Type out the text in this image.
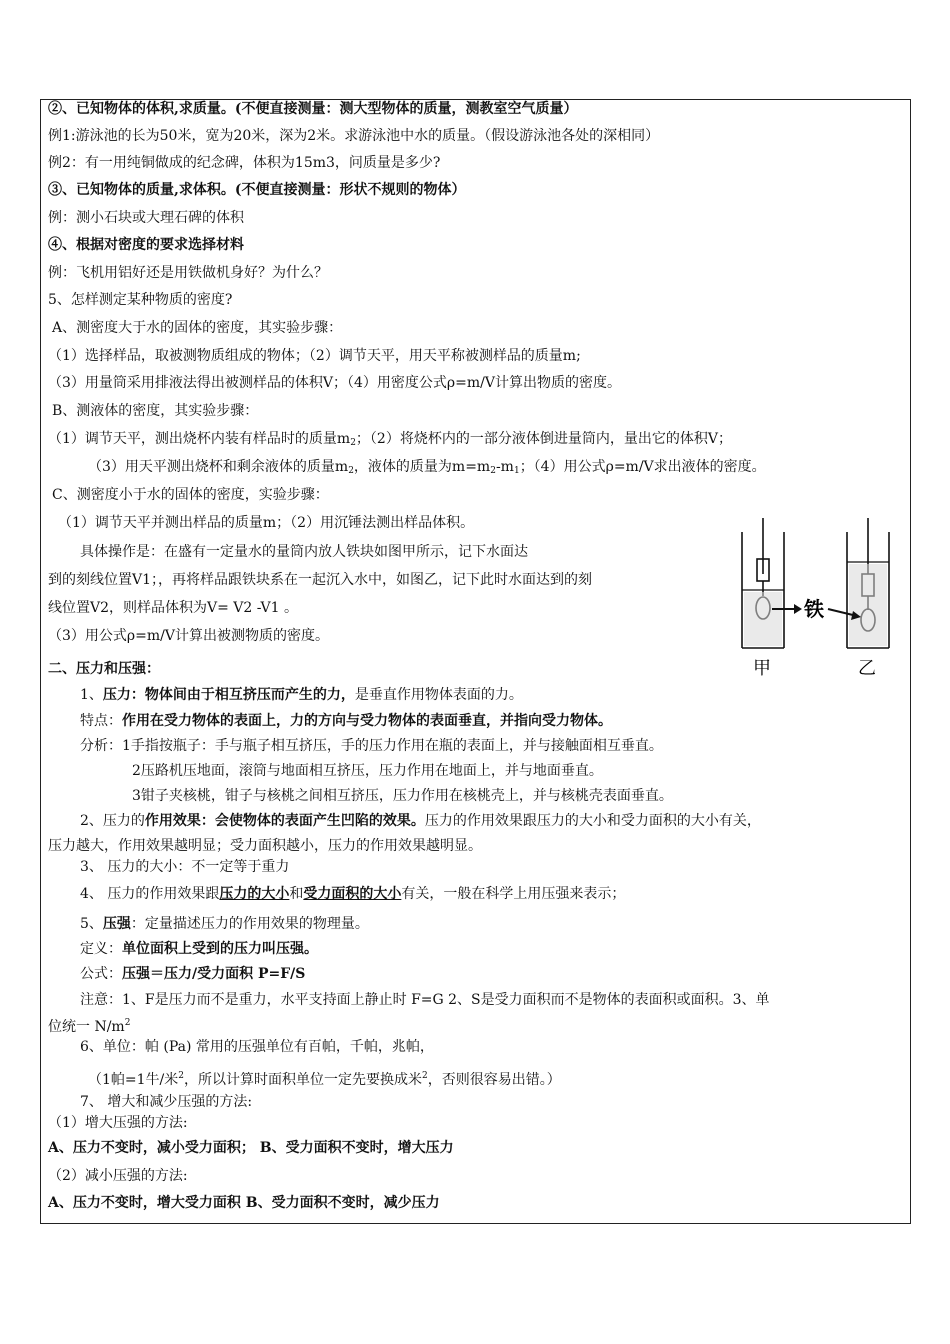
②、已知物体的体积,求质量。(不便直接测量：测大型物体的质量，测教室空气质量）
例1:游泳池的长为50米，宽为20米，深为2米。求游泳池中水的质量。（假设游泳池各处的深相同）
例2：有一用纯铜做成的纪念碑，体积为15m3，问质量是多少?
③、已知物体的质量,求体积。(不便直接测量：形状不规则的物体）
例：测小石块或大理石碑的体积
④、根据对密度的要求选择材料
例：飞机用铝好还是用铁做机身好？为什么？
5、怎样测定某种物质的密度?
A、测密度大于水的固体的密度，其实验步骤：
（1）选择样品，取被测物质组成的物体；（2）调节天平，用天平称被测样品的质量m;
（3）用量筒采用排液法得出被测样品的体积V；（4）用密度公式ρ=m/V计算出物质的密度。
B、测液体的密度，其实验步骤：
（1）调节天平，测出烧杯内装有样品时的质量$m_2$；（2）将烧杯内的一部分液体倒进量筒内，量出它的体积V；
（3）用天平测出烧杯和剩余液体的质量$m_2$，液体的质量为$m=m_2-m_1$；（4）用公式ρ=m/V求出液体的密度。
C、测密度小于水的固体的密度，实验步骤：
（1）调节天平并测出样品的质量m；（2）用沉锤法测出样品体积。
具体操作是：在盛有一定量水的量筒内放人铁块如图甲所示，记下水面达
到的刻线位置V1；，再将样品跟铁块系在一起沉入水中，如图乙，记下此时水面达到的刻
线位置V2，则样品体积为V= V2 -V1 。
（3）用公式ρ=m/V计算出被测物质的密度。
铁
甲	乙
二、压力和压强：
1、压力：物体间由于相互挤压而产生的力，是垂直作用物体表面的力。
特点：作用在受力物体的表面上，力的方向与受力物体的表面垂直，并指向受力物体。
分析：1手指按瓶子：手与瓶子相互挤压，手的压力作用在瓶的表面上，并与接触面相互垂直。
2压路机压地面，滚筒与地面相互挤压，压力作用在地面上，并与地面垂直。
3钳子夹核桃，钳子与核桃之间相互挤压，压力作用在核桃壳上，并与核桃壳表面垂直。
2、压力的作用效果：会使物体的表面产生凹陷的效果。压力的作用效果跟压力的大小和受力面积的大小有关，
压力越大，作用效果越明显；受力面积越小，压力的作用效果越明显。
3、 压力的大小：不一定等于重力
4、 压力的作用效果跟压力的大小和受力面积的大小有关，一般在科学上用压强来表示；
5、压强：定量描述压力的作用效果的物理量。
定义：单位面积上受到的压力叫压强。
公式：压强＝压力/受力面积 P=F/S
注意：1、F是压力而不是重力，水平支持面上静止时 F=G 2、S是受力面积而不是物体的表面积或面积。3、单
位统一 $N/m^2$
6、单位：帕 (Pa) 常用的压强单位有百帕，千帕，兆帕，
（1帕=1牛/米$^2$，所以计算时面积单位一定先要换成米$^2$，否则很容易出错。）
7、 增大和减少压强的方法:
（1）增大压强的方法:
A、压力不变时，减小受力面积； B、受力面积不变时，增大压力
（2）减小压强的方法:
A、压力不变时，增大受力面积 B、受力面积不变时，减少压力
